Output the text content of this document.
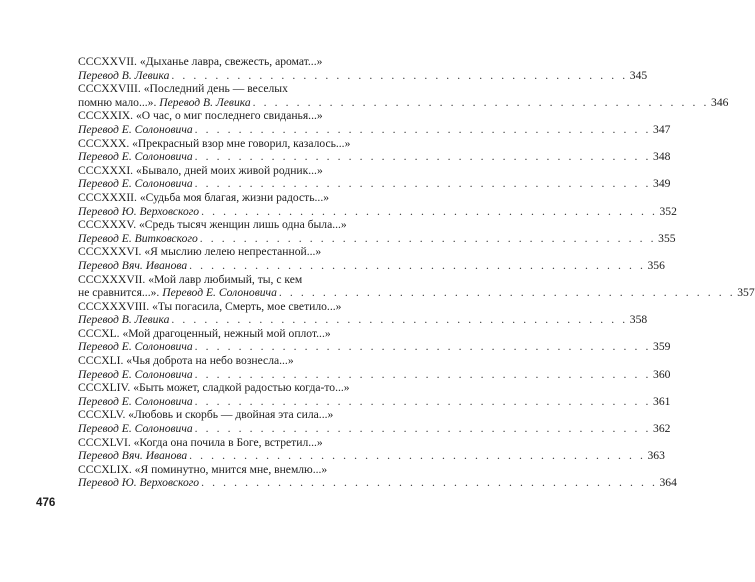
CCCXXVII. «Дыханье лавра, свежесть, аромат...»
Перевод В. Левика . . . . . . . . . . . . . . . . . . . . . . . . . . . . . . . . . . . . . . . . . . 345
CCCXXVIII. «Последний день — веселых
помню мало...». Перевод В. Левика . . . . . . . . . . . . . . . . . . . . . . . . . . . . . . . . . . . . . . . . . . 346
CCCXXIX. «О час, о миг последнего свиданья...»
Перевод Е. Солоновича . . . . . . . . . . . . . . . . . . . . . . . . . . . . . . . . . . . . . . . . . . 347
CCCXXX. «Прекрасный взор мне говорил, казалось...»
Перевод Е. Солоновича . . . . . . . . . . . . . . . . . . . . . . . . . . . . . . . . . . . . . . . . . . 348
CCCXXXI. «Бывало, дней моих живой родник...»
Перевод Е. Солоновича . . . . . . . . . . . . . . . . . . . . . . . . . . . . . . . . . . . . . . . . . . 349
CCCXXXII. «Судьба моя благая, жизни радость...»
Перевод Ю. Верховского . . . . . . . . . . . . . . . . . . . . . . . . . . . . . . . . . . . . . . . . . . 352
CCCXXXV. «Средь тысяч женщин лишь одна была...»
Перевод Е. Витковского . . . . . . . . . . . . . . . . . . . . . . . . . . . . . . . . . . . . . . . . . . 355
CCCXXXVI. «Я мыслию лелею непрестанной...»
Перевод Вяч. Иванова . . . . . . . . . . . . . . . . . . . . . . . . . . . . . . . . . . . . . . . . . . 356
CCCXXXVII. «Мой лавр любимый, ты, с кем
не сравнится...». Перевод Е. Солоновича . . . . . . . . . . . . . . . . . . . . . . . . . . . . . . . . . . . . . . . . . . 357
CCCXXXVIII. «Ты погасила, Смерть, мое светило...»
Перевод В. Левика . . . . . . . . . . . . . . . . . . . . . . . . . . . . . . . . . . . . . . . . . . 358
CCCXL. «Мой драгоценный, нежный мой оплот...»
Перевод Е. Солоновича . . . . . . . . . . . . . . . . . . . . . . . . . . . . . . . . . . . . . . . . . . 359
CCCXLI. «Чья доброта на небо вознесла...»
Перевод Е. Солоновича . . . . . . . . . . . . . . . . . . . . . . . . . . . . . . . . . . . . . . . . . . 360
CCCXLIV. «Быть может, сладкой радостью когда-то...»
Перевод Е. Солоновича . . . . . . . . . . . . . . . . . . . . . . . . . . . . . . . . . . . . . . . . . . 361
CCCXLV. «Любовь и скорбь — двойная эта сила...»
Перевод Е. Солоновича . . . . . . . . . . . . . . . . . . . . . . . . . . . . . . . . . . . . . . . . . . 362
CCCXLVI. «Когда она почила в Боге, встретил...»
Перевод Вяч. Иванова . . . . . . . . . . . . . . . . . . . . . . . . . . . . . . . . . . . . . . . . . . 363
CCCXLIX. «Я поминутно, мнится мне, внемлю...»
Перевод Ю. Верховского . . . . . . . . . . . . . . . . . . . . . . . . . . . . . . . . . . . . . . . . . . 364
476
